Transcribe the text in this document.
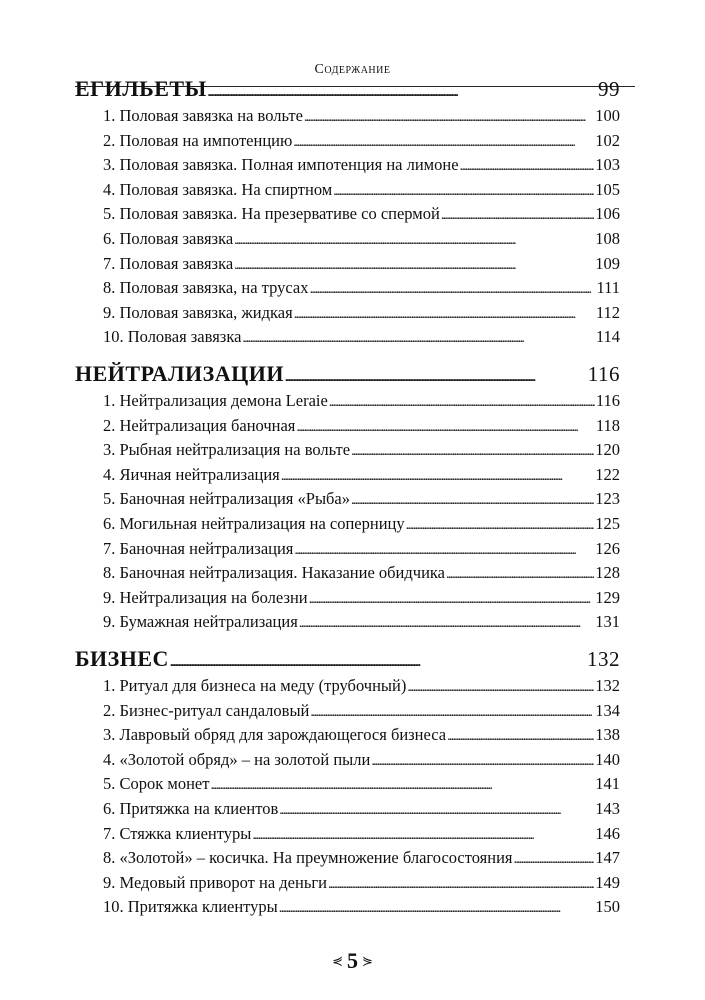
Содержание
ЕГИЛЬЕТЫ . . .	99
1. Половая завязка на вольте . . .	100
2. Половая на импотенцию . . .	102
3. Половая завязка. Полная импотенция на лимоне . . .	103
4. Половая завязка. На спиртном . . .	105
5. Половая завязка. На презервативе со спермой . . .	106
6. Половая завязка . . .	108
7. Половая завязка . . .	109
8. Половая завязка, на трусах . . .	111
9. Половая завязка, жидкая . . .	112
10. Половая завязка . . .	114
НЕЙТРАЛИЗАЦИИ . . .	116
1. Нейтрализация демона Leraie . . .	116
2. Нейтрализация баночная . . .	118
3. Рыбная нейтрализация на вольте . . .	120
4. Яичная нейтрализация . . .	122
5. Баночная нейтрализация «Рыба» . . .	123
6. Могильная нейтрализация на соперницу . . .	125
7. Баночная нейтрализация . . .	126
8. Баночная нейтрализация. Наказание обидчика . . .	128
9. Нейтрализация на болезни . . .	129
9. Бумажная нейтрализация . . .	131
БИЗНЕС . . .	132
1. Ритуал для бизнеса на меду (трубочный) . . .	132
2. Бизнес-ритуал сандаловый . . .	134
3. Лавровый обряд для зарождающегося бизнеса . . .	138
4. «Золотой обряд» – на золотой пыли . . .	140
5. Сорок монет . . .	141
6. Притяжка на клиентов . . .	143
7. Стяжка клиентуры . . .	146
8. «Золотой» – косичка. На преумножение благосостояния . . .	147
9. Медовый приворот на деньги . . .	149
10. Притяжка клиентуры . . .	150
⋞ 5 ⋟
